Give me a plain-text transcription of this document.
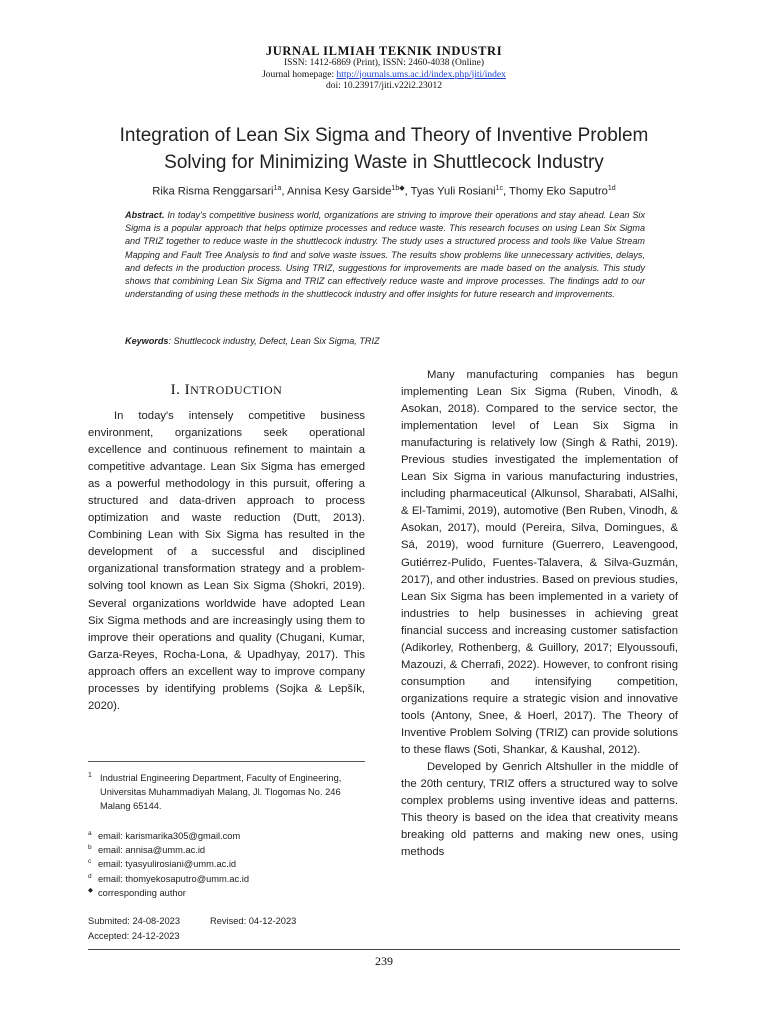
JURNAL ILMIAH TEKNIK INDUSTRI
ISSN: 1412-6869 (Print), ISSN: 2460-4038 (Online)
Journal homepage: http://journals.ums.ac.id/index.php/jiti/index
doi: 10.23917/jiti.v22i2.23012
Integration of Lean Six Sigma and Theory of Inventive Problem Solving for Minimizing Waste in Shuttlecock Industry
Rika Risma Renggarsari$^{1a}$, Annisa Kesy Garside$^{1b◆}$, Tyas Yuli Rosiani$^{1c}$, Thomy Eko Saputro$^{1d}$
Abstract. In today's competitive business world, organizations are striving to improve their operations and stay ahead. Lean Six Sigma is a popular approach that helps optimize processes and reduce waste. This research focuses on using Lean Six Sigma and TRIZ together to reduce waste in the shuttlecock industry. The study uses a structured process and tools like Value Stream Mapping and Fault Tree Analysis to find and solve waste issues. The results show problems like unnecessary activities, delays, and defects in the production process. Using TRIZ, suggestions for improvements are made based on the analysis. This study shows that combining Lean Six Sigma and TRIZ can effectively reduce waste and improve processes. The findings add to our understanding of using these methods in the shuttlecock industry and offer insights for future research and improvements.
Keywords: Shuttlecock industry, Defect, Lean Six Sigma, TRIZ
I. INTRODUCTION

In today's intensely competitive business environment, organizations seek operational excellence and continuous refinement to maintain a competitive advantage. Lean Six Sigma has emerged as a powerful methodology in this pursuit, offering a structured and data-driven approach to process optimization and waste reduction (Dutt, 2013). Combining Lean with Six Sigma has resulted in the development of a successful and disciplined organizational transformation strategy and a problem-solving tool known as Lean Six Sigma (Shokri, 2019). Several organizations worldwide have adopted Lean Six Sigma methods and are increasingly using them to improve their operations and quality (Chugani, Kumar, Garza-Reyes, Rocha-Lona, & Upadhyay, 2017). This approach offers an excellent way to improve company processes by identifying problems (Sojka & Lepšík, 2020).

Many manufacturing companies has begun implementing Lean Six Sigma (Ruben, Vinodh, & Asokan, 2018). Compared to the service sector, the implementation level of Lean Six Sigma in manufacturing is relatively low (Singh & Rathi, 2019). Previous studies investigated the implementation of Lean Six Sigma in various manufacturing industries, including pharmaceutical (Alkunsol, Sharabati, AlSalhi, & El-Tamimi, 2019), automotive (Ben Ruben, Vinodh, & Asokan, 2017), mould (Pereira, Silva, Domingues, & Sá, 2019), wood furniture (Guerrero, Leavengood, Gutiérrez-Pulido, Fuentes-Talavera, & Silva-Guzmán, 2017), and other industries. Based on previous studies, Lean Six Sigma has been implemented in a variety of industries to help businesses in achieving great financial success and increasing customer satisfaction (Adikorley, Rothenberg, & Guillory, 2017; Elyoussoufi, Mazouzi, & Cherrafi, 2022). However, to confront rising consumption and intensifying competition, organizations require a strategic vision and innovative tools (Antony, Snee, & Hoerl, 2017). The Theory of Inventive Problem Solving (TRIZ) can provide solutions to these flaws (Soti, Shankar, & Kaushal, 2012).

Developed by Genrich Altshuller in the middle of the 20th century, TRIZ offers a structured way to solve complex problems using inventive ideas and patterns. This theory is based on the idea that creativity means breaking old patterns and making new ones, using methods

1 Industrial Engineering Department, Faculty of Engineering, Universitas Muhammadiyah Malang, Jl. Tlogomas No. 246 Malang 65144.
a email: karismarika305@gmail.com
b email: annisa@umm.ac.id
c email: tyasyulirosiani@umm.ac.id
d email: thomyekosaputro@umm.ac.id
◆ corresponding author
Submited: 24-08-2023	Revised: 04-12-2023
Accepted: 24-12-2023
239
